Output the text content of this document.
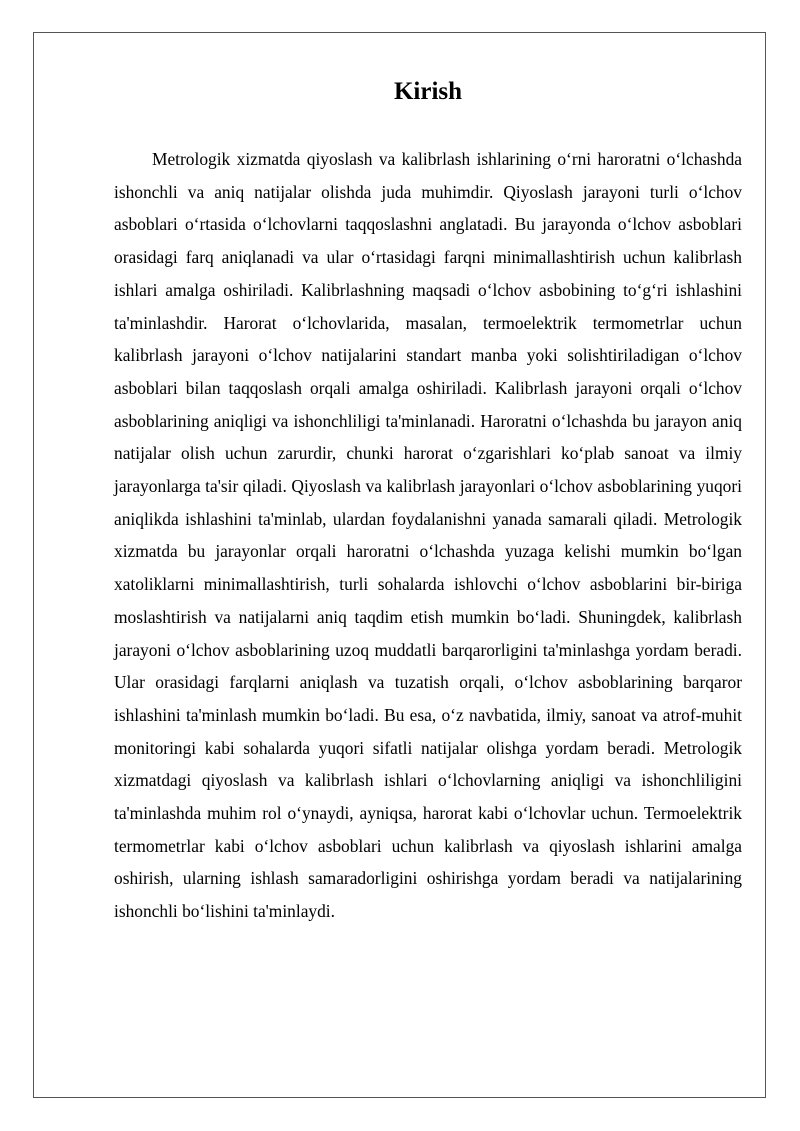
Kirish

Metrologik xizmatda qiyoslash va kalibrlash ishlarining o‘rni haroratni o‘lchashda ishonchli va aniq natijalar olishda juda muhimdir. Qiyoslash jarayoni turli o‘lchov asboblari o‘rtasida o‘lchovlarni taqqoslashni anglatadi. Bu jarayonda o‘lchov asboblari orasidagi farq aniqlanadi va ular o‘rtasidagi farqni minimallashtirish uchun kalibrlash ishlari amalga oshiriladi. Kalibrlashning maqsadi o‘lchov asbobining to‘g‘ri ishlashini ta'minlashdir. Harorat o‘lchovlarida, masalan, termoelektrik termometrlar uchun kalibrlash jarayoni o‘lchov natijalarini standart manba yoki solishtiriladigan o‘lchov asboblari bilan taqqoslash orqali amalga oshiriladi. Kalibrlash jarayoni orqali o‘lchov asboblarining aniqligi va ishonchliligi ta'minlanadi. Haroratni o‘lchashda bu jarayon aniq natijalar olish uchun zarurdir, chunki harorat o‘zgarishlari ko‘plab sanoat va ilmiy jarayonlarga ta'sir qiladi. Qiyoslash va kalibrlash jarayonlari o‘lchov asboblarining yuqori aniqlikda ishlashini ta'minlab, ulardan foydalanishni yanada samarali qiladi. Metrologik xizmatda bu jarayonlar orqali haroratni o‘lchashda yuzaga kelishi mumkin bo‘lgan xatoliklarni minimallashtirish, turli sohalarda ishlovchi o‘lchov asboblarini bir-biriga moslashtirish va natijalarni aniq taqdim etish mumkin bo‘ladi. Shuningdek, kalibrlash jarayoni o‘lchov asboblarining uzoq muddatli barqarorligini ta'minlashga yordam beradi. Ular orasidagi farqlarni aniqlash va tuzatish orqali, o‘lchov asboblarining barqaror ishlashini ta'minlash mumkin bo‘ladi. Bu esa, o‘z navbatida, ilmiy, sanoat va atrof-muhit monitoringi kabi sohalarda yuqori sifatli natijalar olishga yordam beradi. Metrologik xizmatdagi qiyoslash va kalibrlash ishlari o‘lchovlarning aniqligi va ishonchliligini ta'minlashda muhim rol o‘ynaydi, ayniqsa, harorat kabi o‘lchovlar uchun. Termoelektrik termometrlar kabi o‘lchov asboblari uchun kalibrlash va qiyoslash ishlarini amalga oshirish, ularning ishlash samaradorligini oshirishga yordam beradi va natijalarining ishonchli bo‘lishini ta'minlaydi.
